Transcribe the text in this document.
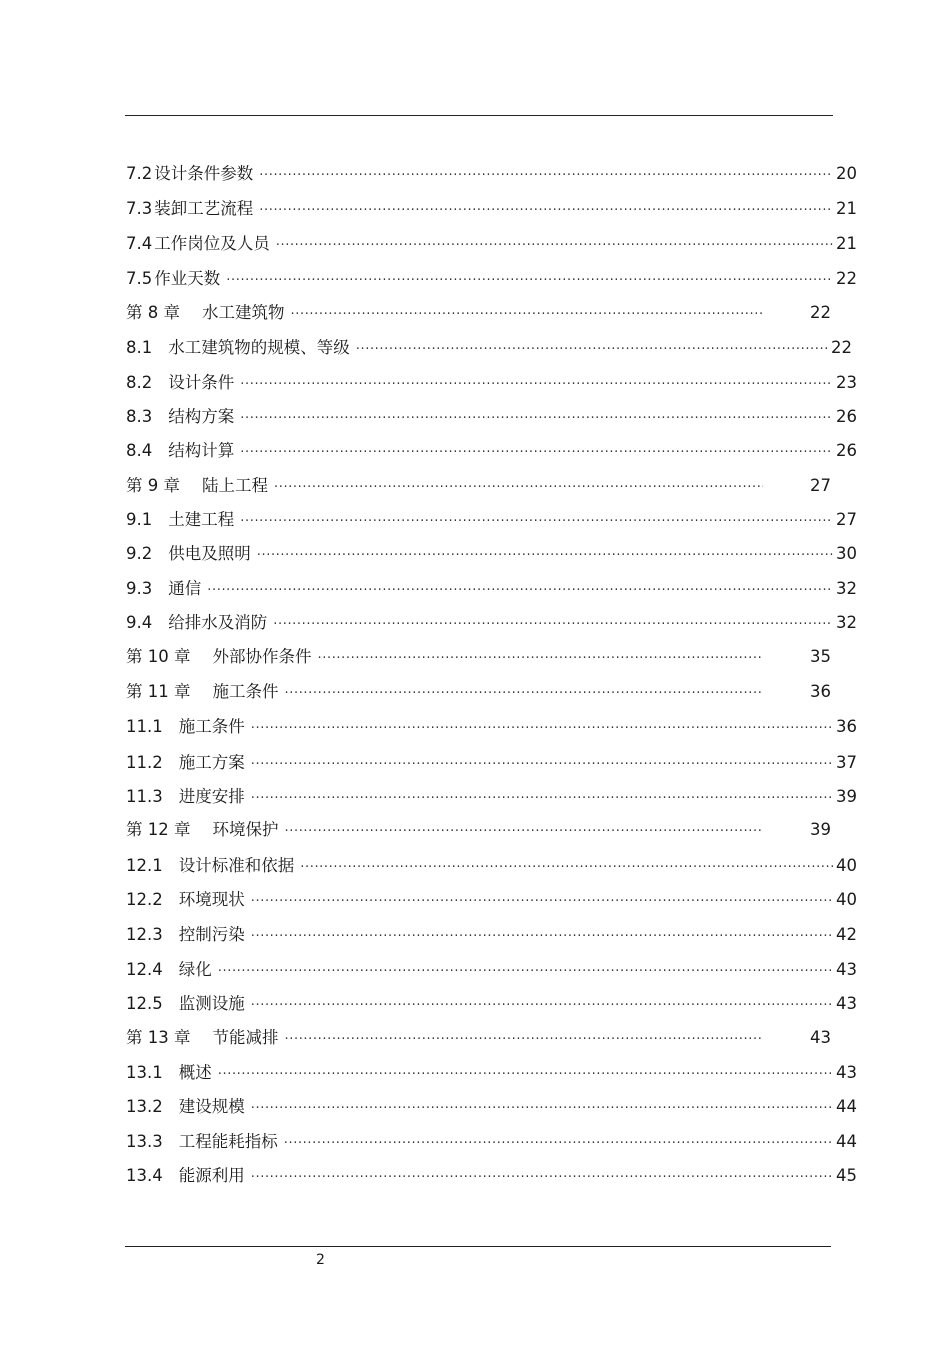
7.2 设计条件参数 .....	20
7.3 装卸工艺流程 .....	21
7.4 工作岗位及人员 .....	21
7.5 作业天数 .....	22
第 8 章 水工建筑物 .....	22
8.1 水工建筑物的规模、等级 .....	22
8.2 设计条件 .....	23
8.3 结构方案 .....	26
8.4 结构计算 .....	26
第 9 章 陆上工程 .....	27
9.1 土建工程 .....	27
9.2 供电及照明 .....	30
9.3 通信 .....	32
9.4 给排水及消防 .....	32
第 10 章 外部协作条件 .....	35
第 11 章 施工条件 .....	36
11.1 施工条件 .....	36
11.2 施工方案 .....	37
11.3 进度安排 .....	39
第 12 章 环境保护 .....	39
12.1 设计标准和依据 .....	40
12.2 环境现状 .....	40
12.3 控制污染 .....	42
12.4 绿化 .....	43
12.5 监测设施 .....	43
第 13 章 节能减排 .....	43
13.1 概述 .....	43
13.2 建设规模 .....	44
13.3 工程能耗指标 .....	44
13.4 能源利用 .....	45
2
